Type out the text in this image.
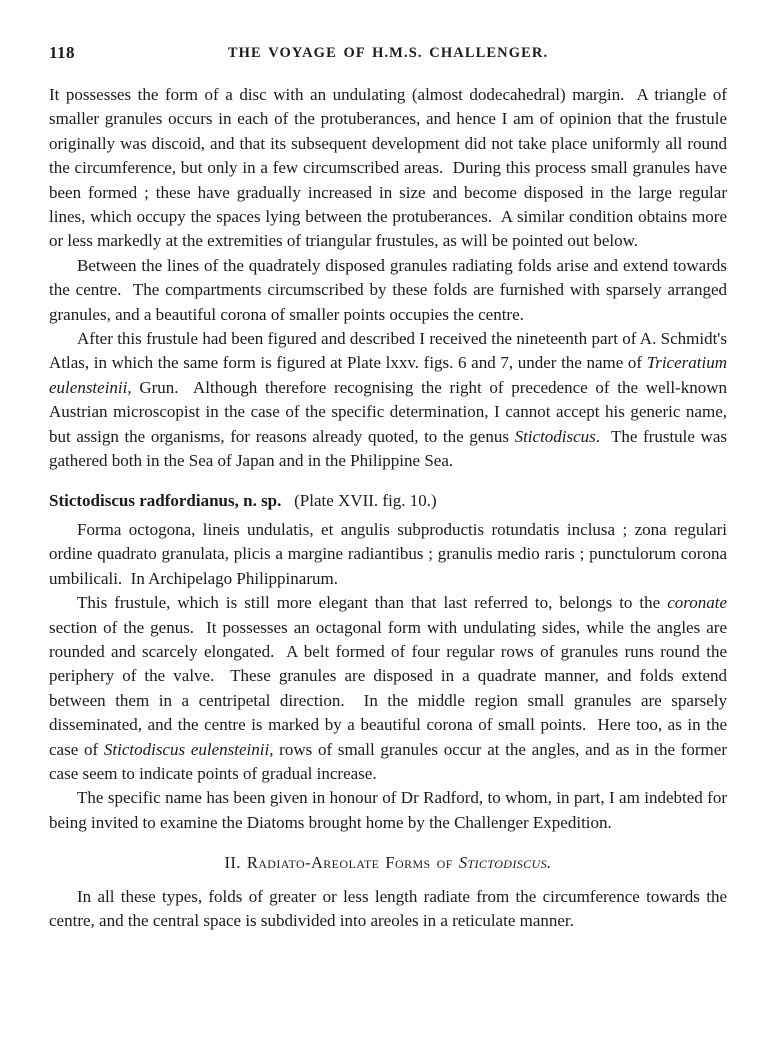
118	THE VOYAGE OF H.M.S. CHALLENGER.

It possesses the form of a disc with an undulating (almost dodecahedral) margin.  A triangle of smaller granules occurs in each of the protuberances, and hence I am of opinion that the frustule originally was discoid, and that its subsequent development did not take place uniformly all round the circumference, but only in a few circumscribed areas.  During this process small granules have been formed ; these have gradually increased in size and become disposed in the large regular lines, which occupy the spaces lying between the protuberances.  A similar condition obtains more or less markedly at the extremities of triangular frustules, as will be pointed out below.

Between the lines of the quadrately disposed granules radiating folds arise and extend towards the centre.  The compartments circumscribed by these folds are furnished with sparsely arranged granules, and a beautiful corona of smaller points occupies the centre.

After this frustule had been figured and described I received the nineteenth part of A. Schmidt's Atlas, in which the same form is figured at Plate lxxv. figs. 6 and 7, under the name of Triceratium eulensteinii, Grun.  Although therefore recognising the right of precedence of the well-known Austrian microscopist in the case of the specific determination, I cannot accept his generic name, but assign the organisms, for reasons already quoted, to the genus Stictodiscus.  The frustule was gathered both in the Sea of Japan and in the Philippine Sea.

Stictodiscus radfordianus, n. sp.   (Plate XVII. fig. 10.)

Forma octogona, lineis undulatis, et angulis subproductis rotundatis inclusa ; zona regulari ordine quadrato granulata, plicis a margine radiantibus ; granulis medio raris ; punctulorum corona umbilicali.  In Archipelago Philippinarum.

This frustule, which is still more elegant than that last referred to, belongs to the coronate section of the genus.  It possesses an octagonal form with undulating sides, while the angles are rounded and scarcely elongated.  A belt formed of four regular rows of granules runs round the periphery of the valve.  These granules are disposed in a quadrate manner, and folds extend between them in a centripetal direction.  In the middle region small granules are sparsely disseminated, and the centre is marked by a beautiful corona of small points.  Here too, as in the case of Stictodiscus eulensteinii, rows of small granules occur at the angles, and as in the former case seem to indicate points of gradual increase.

The specific name has been given in honour of Dr Radford, to whom, in part, I am indebted for being invited to examine the Diatoms brought home by the Challenger Expedition.

II. Radiato-Areolate Forms of Stictodiscus.

In all these types, folds of greater or less length radiate from the circumference towards the centre, and the central space is subdivided into areoles in a reticulate manner.
